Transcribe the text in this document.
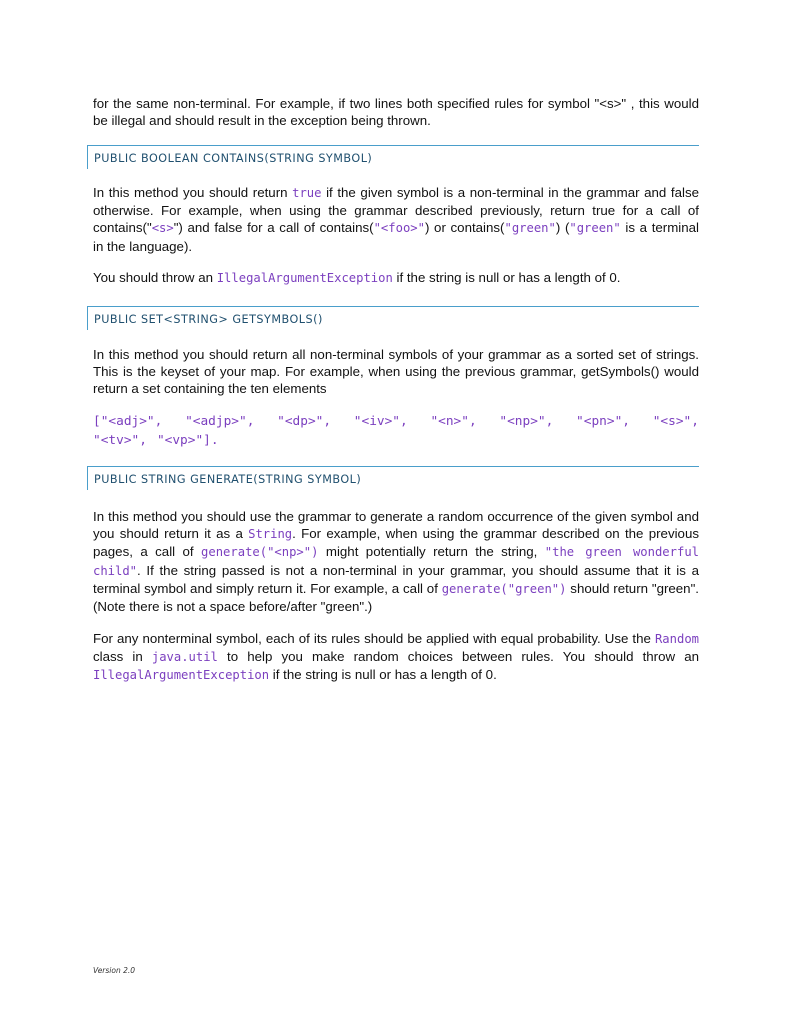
for the same non-terminal. For example, if two lines both specified rules for symbol "<s>" , this would be illegal and should result in the exception being thrown.

PUBLIC BOOLEAN CONTAINS(STRING SYMBOL)

In this method you should return true if the given symbol is a non-terminal in the grammar and false otherwise. For example, when using the grammar described previously, return true for a call of contains("<s>") and false for a call of contains("<foo>") or contains("green") ("green" is a terminal in the language).

You should throw an IllegalArgumentException if the string is null or has a length of 0.

PUBLIC SET<STRING> GETSYMBOLS()

In this method you should return all non-terminal symbols of your grammar as a sorted set of strings. This is the keyset of your map. For example, when using the previous grammar, getSymbols() would return a set containing the ten elements

["<adj>", "<adjp>", "<dp>", "<iv>", "<n>", "<np>", "<pn>", "<s>",
"<tv>", "<vp>"].
PUBLIC STRING GENERATE(STRING SYMBOL)

In this method you should use the grammar to generate a random occurrence of the given symbol and you should return it as a String. For example, when using the grammar described on the previous pages, a call of generate("<np>") might potentially return the string, "the green wonderful child". If the string passed is not a non-terminal in your grammar, you should assume that it is a terminal symbol and simply return it. For example, a call of generate("green") should return "green". (Note there is not a space before/after "green".)

For any nonterminal symbol, each of its rules should be applied with equal probability. Use the Random class in java.util to help you make random choices between rules. You should throw an IllegalArgumentException if the string is null or has a length of 0.

Version 2.0
